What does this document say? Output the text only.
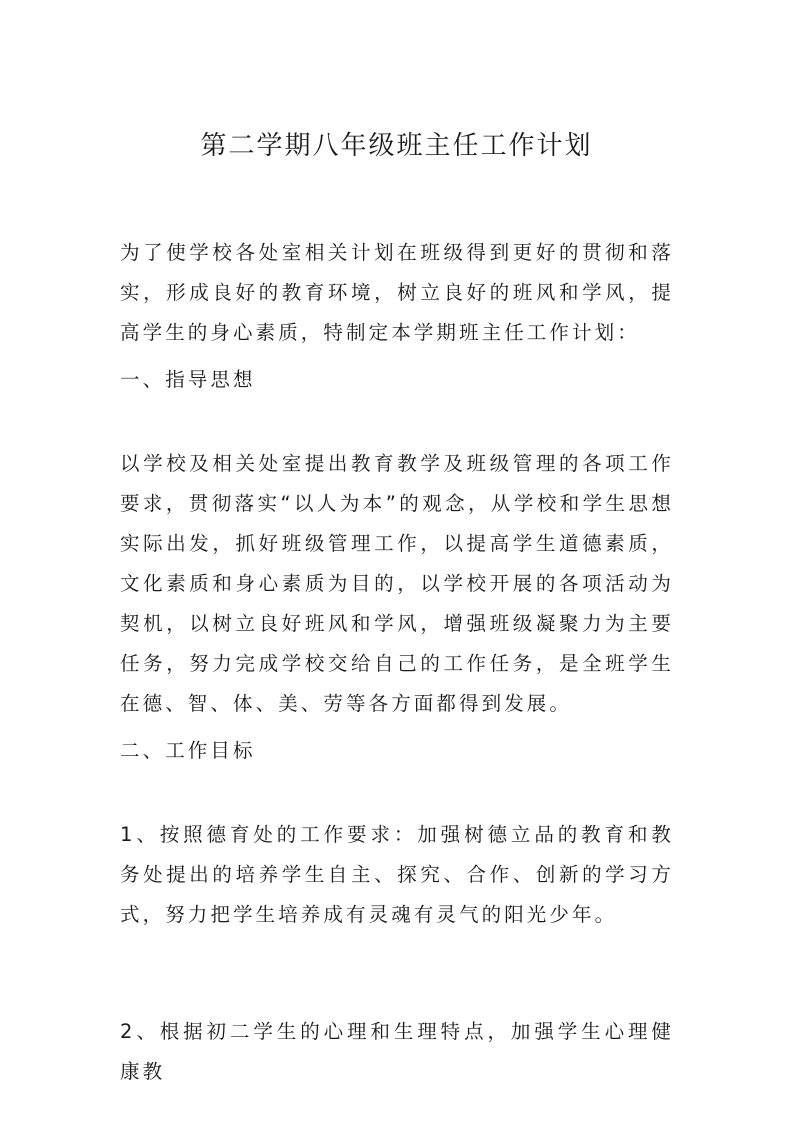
第二学期八年级班主任工作计划

为了使学校各处室相关计划在班级得到更好的贯彻和落实，形成良好的教育环境，树立良好的班风和学风，提高学生的身心素质，特制定本学期班主任工作计划：

一、指导思想

以学校及相关处室提出教育教学及班级管理的各项工作要求，贯彻落实“以人为本”的观念，从学校和学生思想实际出发，抓好班级管理工作，以提高学生道德素质，文化素质和身心素质为目的，以学校开展的各项活动为契机，以树立良好班风和学风，增强班级凝聚力为主要任务，努力完成学校交给自己的工作任务，是全班学生在德、智、体、美、劳等各方面都得到发展。

二、工作目标

1、按照德育处的工作要求：加强树德立品的教育和教务处提出的培养学生自主、探究、合作、创新的学习方式，努力把学生培养成有灵魂有灵气的阳光少年。

2、根据初二学生的心理和生理特点，加强学生心理健康教
